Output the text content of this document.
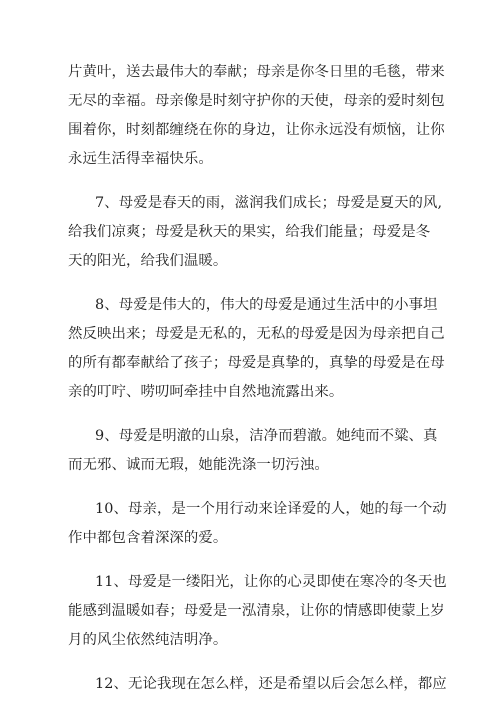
片黄叶，送去最伟大的奉献；母亲是你冬日里的毛毯，带来
无尽的幸福。母亲像是时刻守护你的天使，母亲的爱时刻包
围着你，时刻都缠绕在你的身边，让你永远没有烦恼，让你
永远生活得幸福快乐。
7、母爱是春天的雨，滋润我们成长；母爱是夏天的风,
给我们凉爽；母爱是秋天的果实，给我们能量；母爱是冬
天的阳光，给我们温暖。
8、母爱是伟大的，伟大的母爱是通过生活中的小事坦
然反映出来；母爱是无私的，无私的母爱是因为母亲把自己
的所有都奉献给了孩子；母爱是真挚的，真挚的母爱是在母
亲的叮咛、唠叨呵牵挂中自然地流露出来。
9、母爱是明澈的山泉，洁净而碧澈。她纯而不粱、真
而无邪、诚而无瑕，她能洗涤一切污浊。
10、母亲，是一个用行动来诠译爱的人，她的每一个动
作中都包含着深深的爱。
11、母爱是一缕阳光，让你的心灵即使在寒冷的冬天也
能感到温暖如春；母爱是一泓清泉，让你的情感即使蒙上岁
月的风尘依然纯洁明净。
12、无论我现在怎么样，还是希望以后会怎么样，都应
